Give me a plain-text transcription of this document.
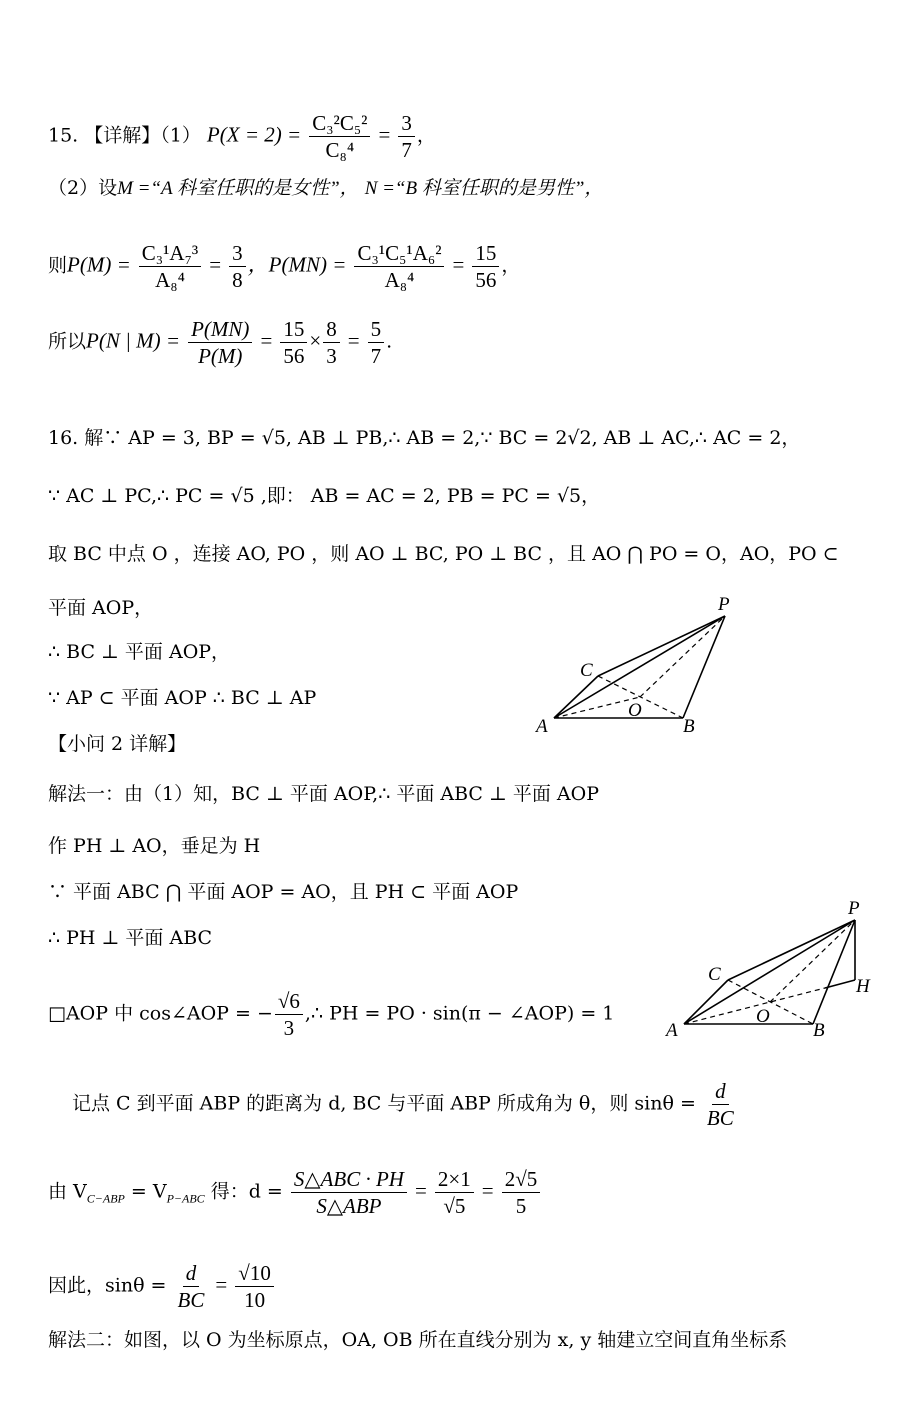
15. 【详解】（1） $P(X = 2) = \frac{\text{C₃²C₅²}}{\text{C₈⁴}} = \frac{3}{7}$ ，
（2）设M =“A 科室任职的是女性”， N =“B 科室任职的是男性”，
则$P(M) = \frac{\text{C₃¹A₇³}}{\text{A₈⁴}} = \frac{3}{8}$ ，$P(MN) = \frac{\text{C₃¹C₅¹A₆²}}{\text{A₈⁴}} = \frac{15}{56}$ ，
所以P(N | $M) = \frac{P(MN)}{P(M)} = \frac{15}{56} \times \frac{8}{3} = \frac{5}{7}$ .
16. 解∵ AP = 3, BP = √5, AB ⊥ PB,∴ AB = 2,∵ BC = 2√2, AB ⊥ AC,∴ AC = 2，
∵ AC ⊥ PC,∴ PC = √5 ,即： AB = AC = 2, PB = PC = √5，
取 BC 中点 O ，连接 AO, PO ，则 AO ⊥ BC, PO ⊥ BC ，且 AO ⋂ PO = O，AO，PO ⊂
平面 AOP，
∴ BC ⊥ 平面 AOP，
∵ AP ⊂ 平面 AOP ∴ BC ⊥ AP
【小问 2 详解】
解法一：由（1）知，BC ⊥ 平面 AOP,∴ 平面 ABC ⊥ 平面 AOP
作 PH ⊥ AO，垂足为 H
∵ 平面 ABC ⋂ 平面 AOP = AO，且 PH ⊂ 平面 AOP
∴ PH ⊥ 平面 ABC
□AOP 中 cos∠AOP = − $\frac{√6}{3}$ ,∴ PH = PO · sin(π − ∠AOP) = 1
记点 C 到平面 ABP 的距离为 d, BC 与平面 ABP 所成角为 θ，则 $\sin\theta = \frac{d}{BC}$
由 $V_{C-ABP} = V_{P-ABC}$ 得：$d = \frac{\text{S△ABC · PH}}{\text{S△ABP}} = \frac{2\times 1}{√5} = \frac{2√5}{5}$
因此，$\sin\theta = \frac{d}{BC} = \frac{√10}{10}$
解法二：如图，以 O 为坐标原点，OA, OB 所在直线分别为 x, y 轴建立空间直角坐标系
P
C
O
A	B
P
C
O
A	B
H
